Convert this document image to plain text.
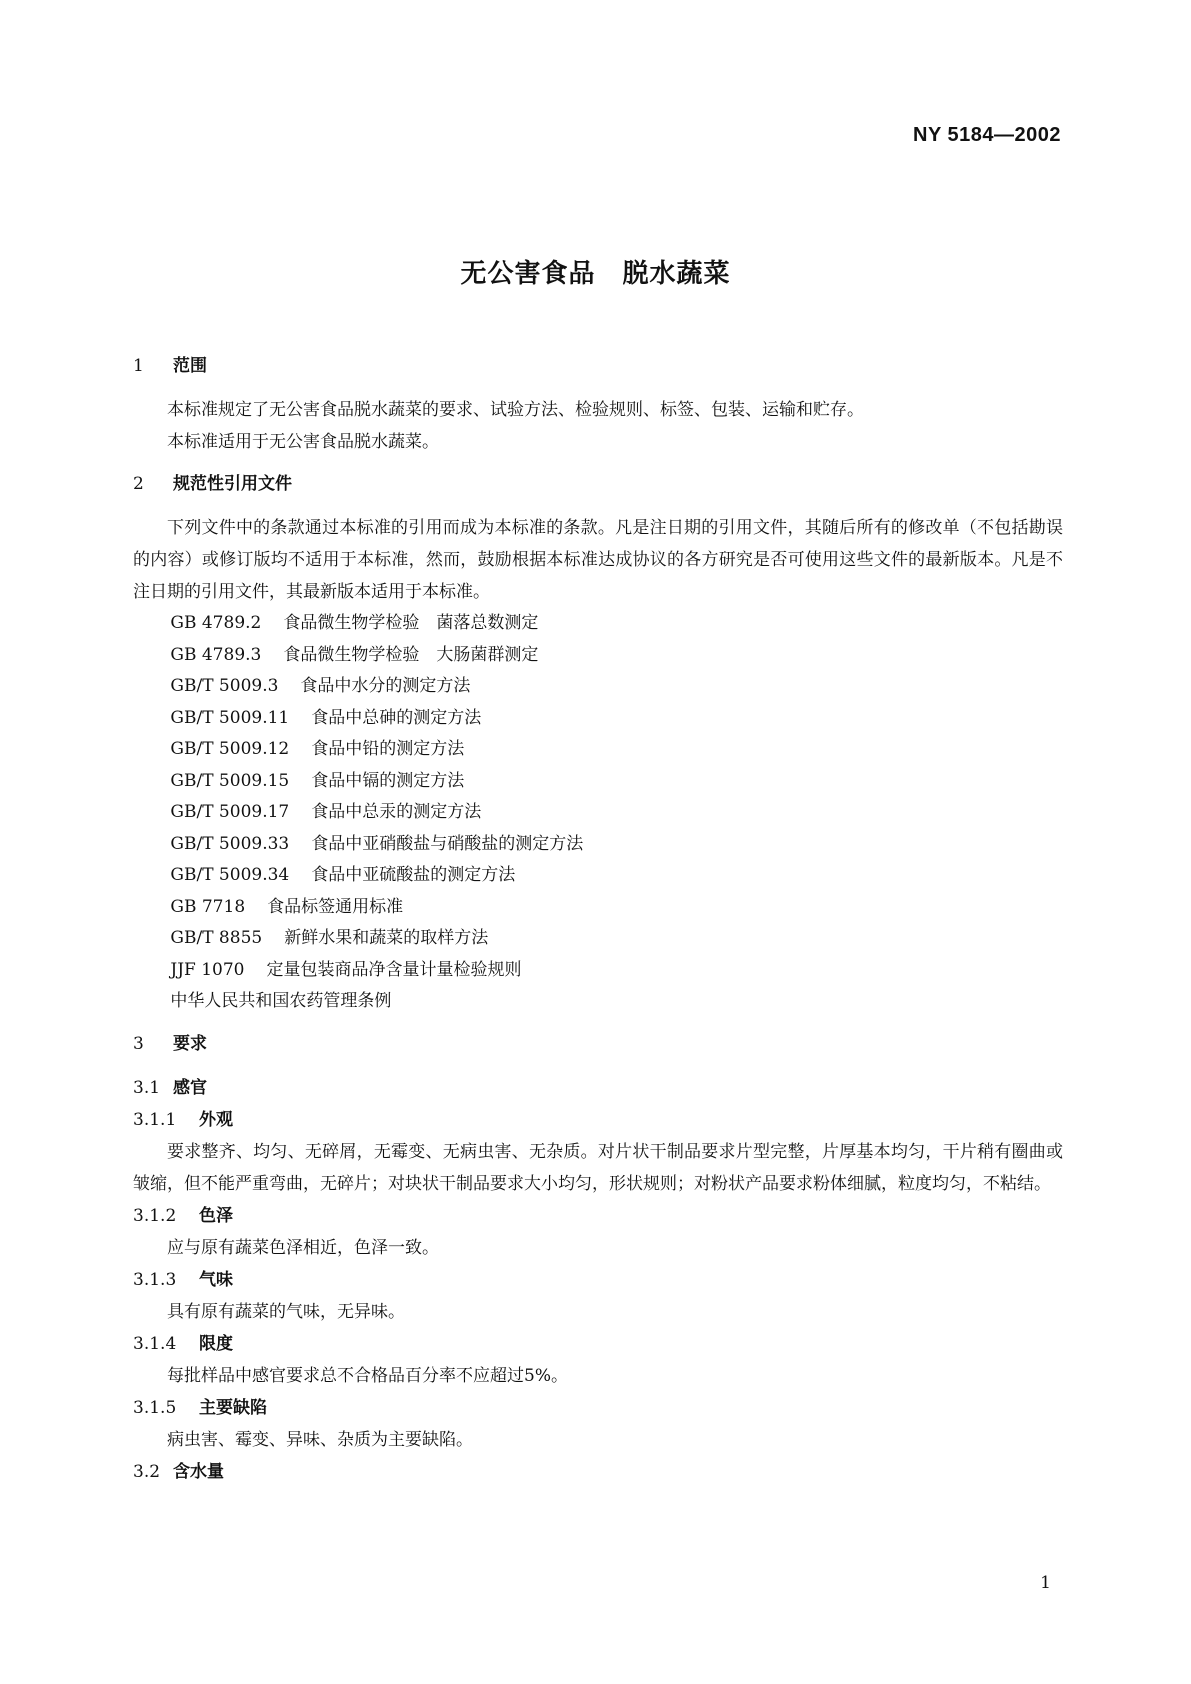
NY 5184—2002
无公害食品　脱水蔬菜
1 范围

本标准规定了无公害食品脱水蔬菜的要求、试验方法、检验规则、标签、包装、运输和贮存。

本标准适用于无公害食品脱水蔬菜。

2 规范性引用文件

下列文件中的条款通过本标准的引用而成为本标准的条款。凡是注日期的引用文件，其随后所有的修改单（不包括勘误的内容）或修订版均不适用于本标准，然而，鼓励根据本标准达成协议的各方研究是否可使用这些文件的最新版本。凡是不注日期的引用文件，其最新版本适用于本标准。

GB 4789.2 食品微生物学检验　菌落总数测定

GB 4789.3 食品微生物学检验　大肠菌群测定

GB/T 5009.3 食品中水分的测定方法

GB/T 5009.11 食品中总砷的测定方法

GB/T 5009.12 食品中铅的测定方法

GB/T 5009.15 食品中镉的测定方法

GB/T 5009.17 食品中总汞的测定方法

GB/T 5009.33 食品中亚硝酸盐与硝酸盐的测定方法

GB/T 5009.34 食品中亚硫酸盐的测定方法

GB 7718 食品标签通用标准

GB/T 8855 新鲜水果和蔬菜的取样方法

JJF 1070 定量包装商品净含量计量检验规则

中华人民共和国农药管理条例

3 要求
3.1 感官
3.1.1 外观

要求整齐、均匀、无碎屑，无霉变、无病虫害、无杂质。对片状干制品要求片型完整，片厚基本均匀，干片稍有圈曲或皱缩，但不能严重弯曲，无碎片；对块状干制品要求大小均匀，形状规则；对粉状产品要求粉体细腻，粒度均匀，不粘结。

3.1.2 色泽

应与原有蔬菜色泽相近，色泽一致。

3.1.3 气味

具有原有蔬菜的气味，无异味。

3.1.4 限度

每批样品中感官要求总不合格品百分率不应超过5%。

3.1.5 主要缺陷

病虫害、霉变、异味、杂质为主要缺陷。

3.2 含水量
1
